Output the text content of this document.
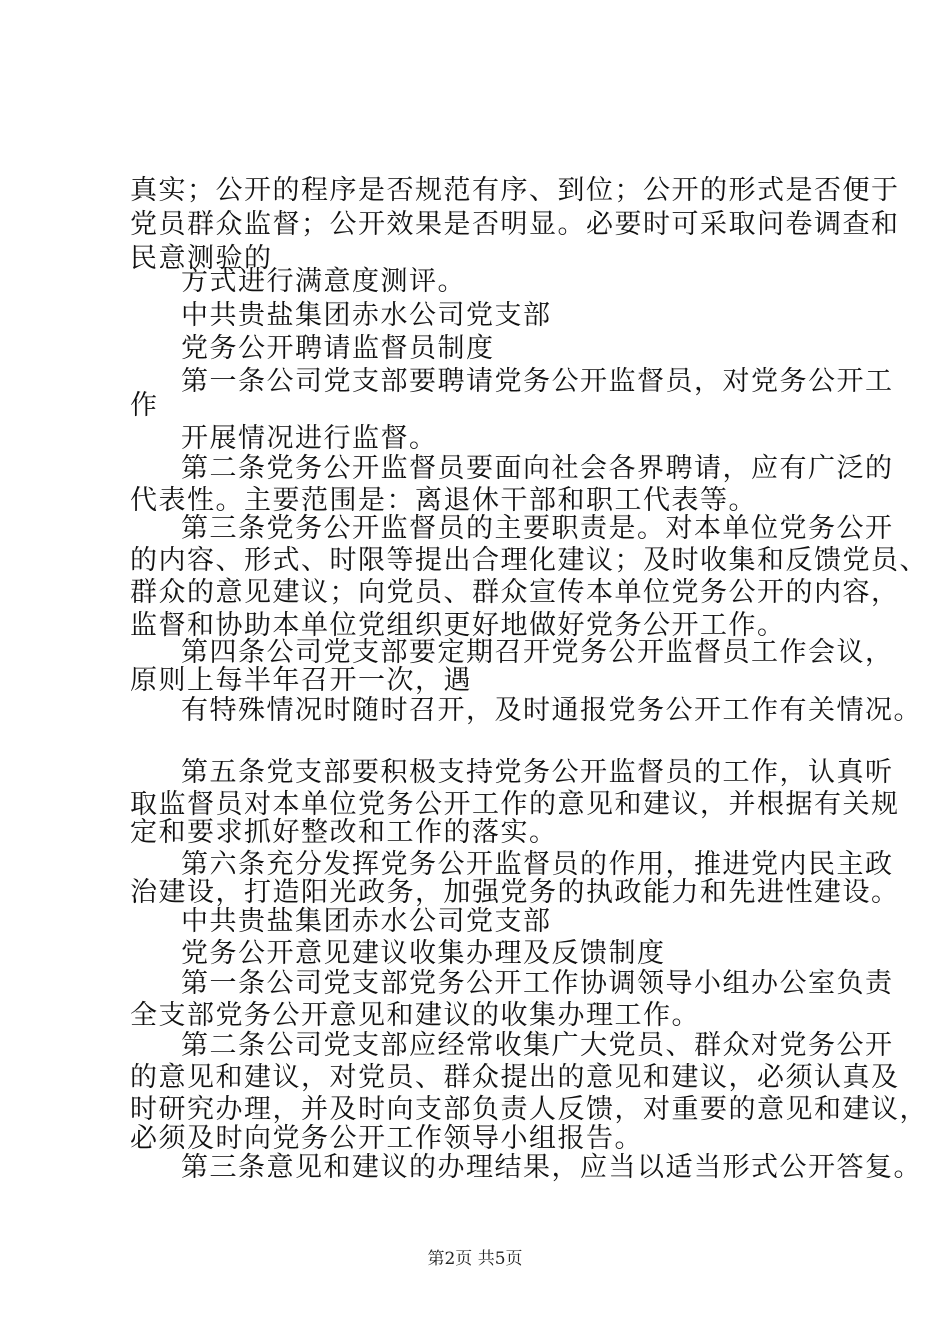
真实；公开的程序是否规范有序、到位；公开的形式是否便于
党员群众监督；公开效果是否明显。必要时可采取问卷调查和
民意测验的
方式进行满意度测评。
中共贵盐集团赤水公司党支部
党务公开聘请监督员制度
第一条公司党支部要聘请党务公开监督员，对党务公开工
作
开展情况进行监督。
第二条党务公开监督员要面向社会各界聘请，应有广泛的
代表性。主要范围是：离退休干部和职工代表等。
第三条党务公开监督员的主要职责是。对本单位党务公开
的内容、形式、时限等提出合理化建议；及时收集和反馈党员、
群众的意见建议；向党员、群众宣传本单位党务公开的内容，
监督和协助本单位党组织更好地做好党务公开工作。
第四条公司党支部要定期召开党务公开监督员工作会议，
原则上每半年召开一次，遇
有特殊情况时随时召开，及时通报党务公开工作有关情况。
第五条党支部要积极支持党务公开监督员的工作，认真听
取监督员对本单位党务公开工作的意见和建议，并根据有关规
定和要求抓好整改和工作的落实。
第六条充分发挥党务公开监督员的作用，推进党内民主政
治建设，打造阳光政务，加强党务的执政能力和先进性建设。
中共贵盐集团赤水公司党支部
党务公开意见建议收集办理及反馈制度
第一条公司党支部党务公开工作协调领导小组办公室负责
全支部党务公开意见和建议的收集办理工作。
第二条公司党支部应经常收集广大党员、群众对党务公开
的意见和建议，对党员、群众提出的意见和建议，必须认真及
时研究办理，并及时向支部负责人反馈，对重要的意见和建议，
必须及时向党务公开工作领导小组报告。
第三条意见和建议的办理结果，应当以适当形式公开答复。
第2页 共5页
